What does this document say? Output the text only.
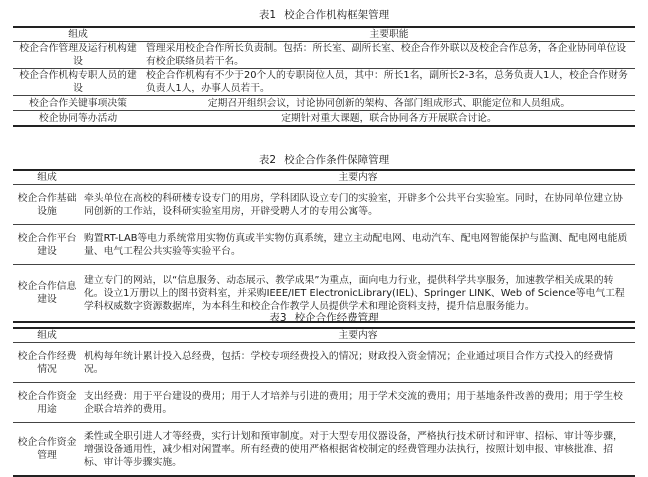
表1 校企合作机构框架管理
组成	主要职能
校企合作管理及运行机构建设	管理采用校企合作所长负责制。包括：所长室、副所长室、校企合作外联以及校企合作总务，各企业协同单位设有校企联络员若干名。
校企合作机构专职人员的建设	校企合作机构有不少于20个人的专职岗位人员，其中：所长1名，副所长2-3名，总务负责人1人，校企合作财务负责人1人，办事人员若干。
校企合作关键事项决策	定期召开组织会议，讨论协同创新的架构、各部门组成形式、职能定位和人员组成。
校企协同等办活动	定期针对重大课题，联合协同各方开展联合讨论。
表2 校企合作条件保障管理
组成	主要内容
校企合作基础设施	牵头单位在高校的科研楼专设专门的用房，学科团队设立专门的实验室，开辟多个公共平台实验室。同时，在协同单位建立协同创新的工作站，设科研实验室用房，开辟受聘人才的专用公寓等。
校企合作平台建设	购置RT-LAB等电力系统常用实物仿真或半实物仿真系统，建立主动配电网、电动汽车、配电网智能保护与监测、配电网电能质量、电气工程公共实验等实验平台。
校企合作信息建设	建立专门的网站，以“信息服务、动态展示、教学成果”为重点，面向电力行业，提供科学共享服务，加速教学相关成果的转化。设立1万册以上的图书资料室，并采购IEEE/IET ElectronicLibrary(IEL)、Springer LINK、Web of Science等电气工程学科权威数字资源数据库，为本科生和校企合作教学人员提供学术和理论资料支持，提升信息服务能力。
表3 校企合作经费管理
组成	主要内容
校企合作经费情况	机构每年统计累计投入总经费，包括：学校专项经费投入的情况；财政投入资金情况；企业通过项目合作方式投入的经费情况。
校企合作资金用途	支出经费：用于平台建设的费用；用于人才培养与引进的费用；用于学术交流的费用；用于基地条件改善的费用；用于学生校企联合培养的费用。
校企合作资金管理	柔性或全职引进人才等经费，实行计划和预审制度。对于大型专用仪器设备，严格执行技术研讨和评审、招标、审计等步骤，增强设备通用性，减少相对闲置率。所有经费的使用严格根据省校制定的经费管理办法执行，按照计划申报、审核批准、招标、审计等步骤实施。
